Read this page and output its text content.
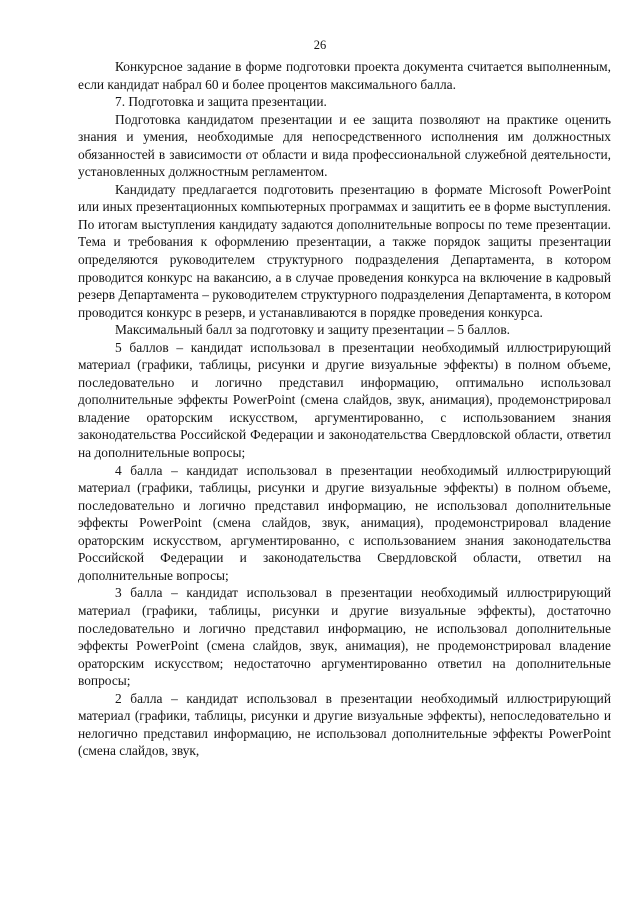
26

Конкурсное задание в форме подготовки проекта документа считается выполненным, если кандидат набрал 60 и более процентов максимального балла.

7. Подготовка и защита презентации.

Подготовка кандидатом презентации и ее защита позволяют на практике оценить знания и умения, необходимые для непосредственного исполнения им должностных обязанностей в зависимости от области и вида профессиональной служебной деятельности, установленных должностным регламентом.

Кандидату предлагается подготовить презентацию в формате Microsoft PowerPoint или иных презентационных компьютерных программах и защитить ее в форме выступления. По итогам выступления кандидату задаются дополнительные вопросы по теме презентации. Тема и требования к оформлению презентации, а также порядок защиты презентации определяются руководителем структурного подразделения Департамента, в котором проводится конкурс на вакансию, а в случае проведения конкурса на включение в кадровый резерв Департамента – руководителем структурного подразделения Департамента, в котором проводится конкурс в резерв, и устанавливаются в порядке проведения конкурса.

Максимальный балл за подготовку и защиту презентации – 5 баллов.

5 баллов – кандидат использовал в презентации необходимый иллюстрирующий материал (графики, таблицы, рисунки и другие визуальные эффекты) в полном объеме, последовательно и логично представил информацию, оптимально использовал дополнительные эффекты PowerPoint (смена слайдов, звук, анимация), продемонстрировал владение ораторским искусством, аргументированно, с использованием знания законодательства Российской Федерации и законодательства Свердловской области, ответил на дополнительные вопросы;

4 балла – кандидат использовал в презентации необходимый иллюстрирующий материал (графики, таблицы, рисунки и другие визуальные эффекты) в полном объеме, последовательно и логично представил информацию, не использовал дополнительные эффекты PowerPoint (смена слайдов, звук, анимация), продемонстрировал владение ораторским искусством, аргументированно, с использованием знания законодательства Российской Федерации и законодательства Свердловской области, ответил на дополнительные вопросы;

3 балла – кандидат использовал в презентации необходимый иллюстрирующий материал (графики, таблицы, рисунки и другие визуальные эффекты), достаточно последовательно и логично представил информацию, не использовал дополнительные эффекты PowerPoint (смена слайдов, звук, анимация), не продемонстрировал владение ораторским искусством; недостаточно аргументированно ответил на дополнительные вопросы;

2 балла – кандидат использовал в презентации необходимый иллюстрирующий материал (графики, таблицы, рисунки и другие визуальные эффекты), непоследовательно и нелогично представил информацию, не использовал дополнительные эффекты PowerPoint (смена слайдов, звук,
